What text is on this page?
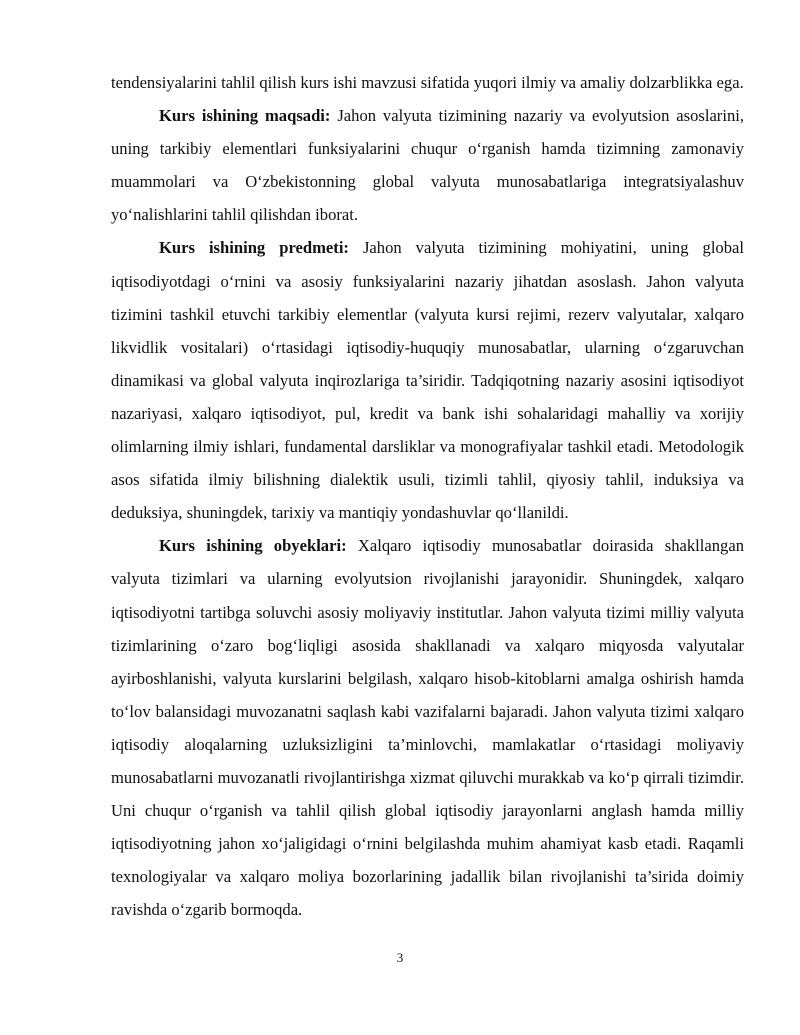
tendensiyalarini tahlil qilish kurs ishi mavzusi sifatida yuqori ilmiy va amaliy dolzarblikka ega.

Kurs ishining maqsadi: Jahon valyuta tizimining nazariy va evolyutsion asoslarini, uning tarkibiy elementlari funksiyalarini chuqur o‘rganish hamda tizimning zamonaviy muammolari va O‘zbekistonning global valyuta munosabatlariga integratsiyalashuv yo‘nalishlarini tahlil qilishdan iborat.

Kurs ishining predmeti: Jahon valyuta tizimining mohiyatini, uning global iqtisodiyotdagi o‘rnini va asosiy funksiyalarini nazariy jihatdan asoslash. Jahon valyuta tizimini tashkil etuvchi tarkibiy elementlar (valyuta kursi rejimi, rezerv valyutalar, xalqaro likvidlik vositalari) o‘rtasidagi iqtisodiy-huquqiy munosabatlar, ularning o‘zgaruvchan dinamikasi va global valyuta inqirozlariga ta’siridir. Tadqiqotning nazariy asosini iqtisodiyot nazariyasi, xalqaro iqtisodiyot, pul, kredit va bank ishi sohalaridagi mahalliy va xorijiy olimlarning ilmiy ishlari, fundamental darsliklar va monografiyalar tashkil etadi. Metodologik asos sifatida ilmiy bilishning dialektik usuli, tizimli tahlil, qiyosiy tahlil, induksiya va deduksiya, shuningdek, tarixiy va mantiqiy yondashuvlar qo‘llanildi.

Kurs ishining obyeklari: Xalqaro iqtisodiy munosabatlar doirasida shakllangan valyuta tizimlari va ularning evolyutsion rivojlanishi jarayonidir. Shuningdek, xalqaro iqtisodiyotni tartibga soluvchi asosiy moliyaviy institutlar. Jahon valyuta tizimi milliy valyuta tizimlarining o‘zaro bog‘liqligi asosida shakllanadi va xalqaro miqyosda valyutalar ayirboshlanishi, valyuta kurslarini belgilash, xalqaro hisob-kitoblarni amalga oshirish hamda to‘lov balansidagi muvozanatni saqlash kabi vazifalarni bajaradi. Jahon valyuta tizimi xalqaro iqtisodiy aloqalarning uzluksizligini ta’minlovchi, mamlakatlar o‘rtasidagi moliyaviy munosabatlarni muvozanatli rivojlantirishga xizmat qiluvchi murakkab va ko‘p qirrali tizimdir. Uni chuqur o‘rganish va tahlil qilish global iqtisodiy jarayonlarni anglash hamda milliy iqtisodiyotning jahon xo‘jaligidagi o‘rnini belgilashda muhim ahamiyat kasb etadi. Raqamli texnologiyalar va xalqaro moliya bozorlarining jadallik bilan rivojlanishi ta’sirida doimiy ravishda o‘zgarib bormoqda.

3
